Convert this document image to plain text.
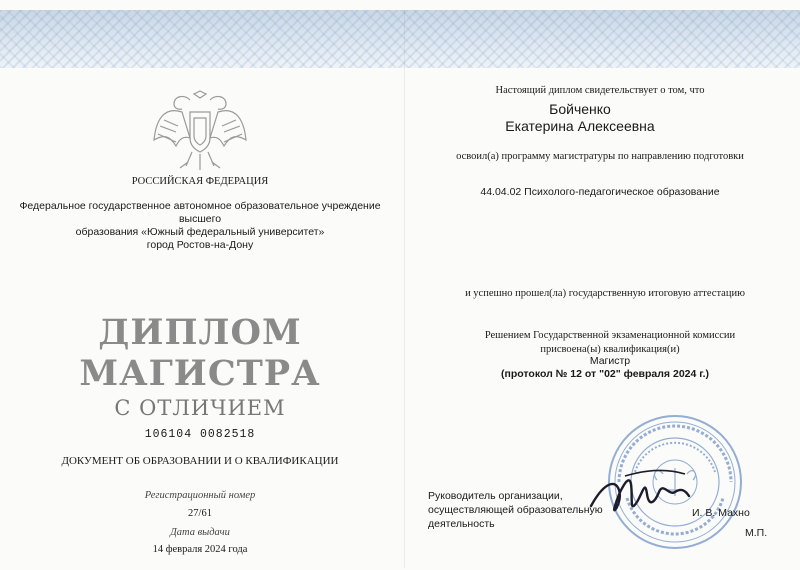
РОССИЙСКАЯ ФЕДЕРАЦИЯ
Федеральное государственное автономное образовательное учреждение высшего
образования «Южный федеральный университет»
город Ростов-на-Дону
ДИПЛОМ
МАГИСТРА
С ОТЛИЧИЕМ
106104 0082518
ДОКУМЕНТ ОБ ОБРАЗОВАНИИ И О КВАЛИФИКАЦИИ
Регистрационный номер
27/61
Дата выдачи
14 февраля 2024 года
Настоящий диплом свидетельствует о том, что
Бойченко
Екатерина Алексеевна
освоил(а) программу магистратуры по направлению подготовки
44.04.02 Психолого-педагогическое образование
и успешно прошел(ла) государственную итоговую аттестацию
Решением Государственной экзаменационной комиссии
присвоена(ы) квалификация(и)
Магистр
(протокол № 12 от "02" февраля 2024 г.)
Руководитель организации,
осуществляющей образовательную
деятельность
И. В. Махно
М.П.
